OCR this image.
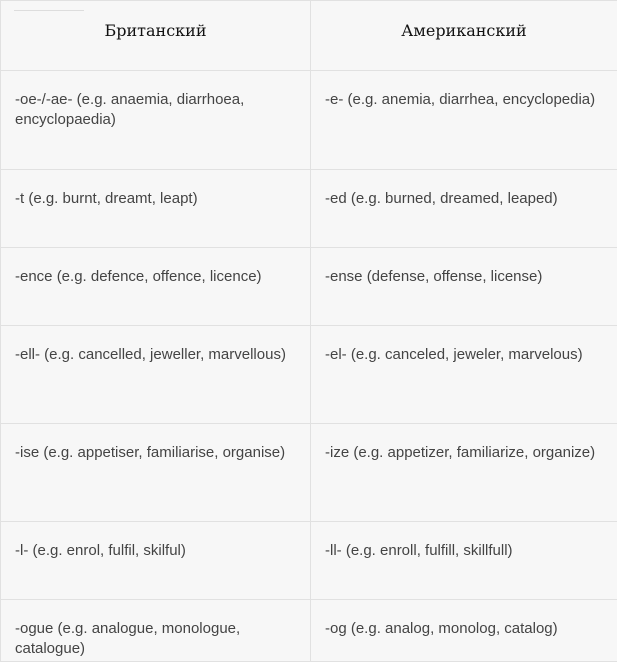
Британский	Американский
-oe-/-ae- (e.g. anaemia, diarrhoea, encyclopaedia)	-e- (e.g. anemia, diarrhea, encyclopedia)
-t (e.g. burnt, dreamt, leapt)	-ed (e.g. burned, dreamed, leaped)
-ence (e.g. defence, offence, licence)	-ense (defense, offense, license)
-ell- (e.g. cancelled, jeweller, marvellous)	-el- (e.g. canceled, jeweler, marvelous)
-ise (e.g. appetiser, familiarise, organise)	-ize (e.g. appetizer, familiarize, organize)
-l- (e.g. enrol, fulfil, skilful)	-ll- (e.g. enroll, fulfill, skillfull)
-ogue (e.g. analogue, monologue, catalogue)	-og (e.g. analog, monolog, catalog)
